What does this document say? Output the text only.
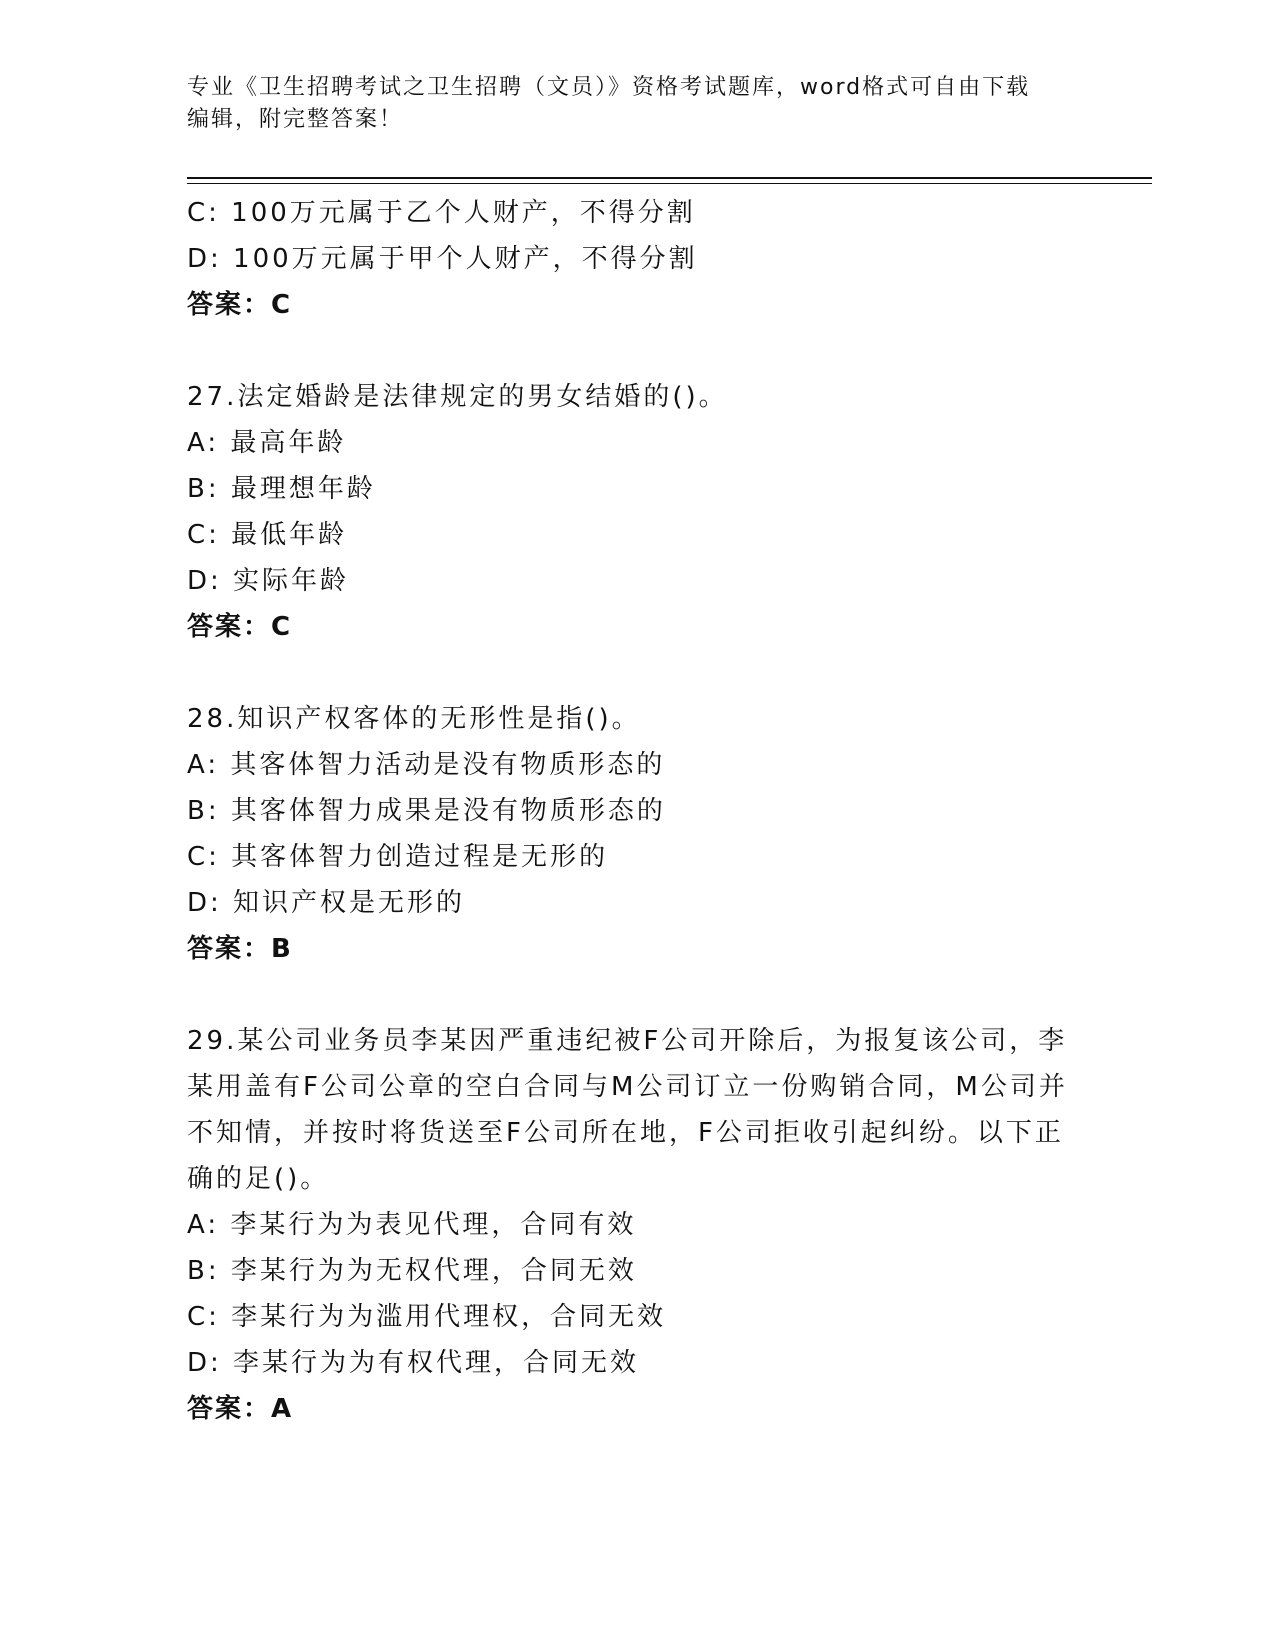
专业《卫生招聘考试之卫生招聘（文员）》资格考试题库，word格式可自由下载
编辑，附完整答案！
C: 100万元属于乙个人财产，不得分割
D: 100万元属于甲个人财产，不得分割
答案：C
27.法定婚龄是法律规定的男女结婚的()。
A: 最高年龄
B: 最理想年龄
C: 最低年龄
D: 实际年龄
答案：C
28.知识产权客体的无形性是指()。
A: 其客体智力活动是没有物质形态的
B: 其客体智力成果是没有物质形态的
C: 其客体智力创造过程是无形的
D: 知识产权是无形的
答案：B
29.某公司业务员李某因严重违纪被F公司开除后，为报复该公司，李
某用盖有F公司公章的空白合同与M公司订立一份购销合同，M公司并
不知情，并按时将货送至F公司所在地，F公司拒收引起纠纷。以下正
确的足()。
A: 李某行为为表见代理，合同有效
B: 李某行为为无权代理，合同无效
C: 李某行为为滥用代理权，合同无效
D: 李某行为为有权代理，合同无效
答案：A
